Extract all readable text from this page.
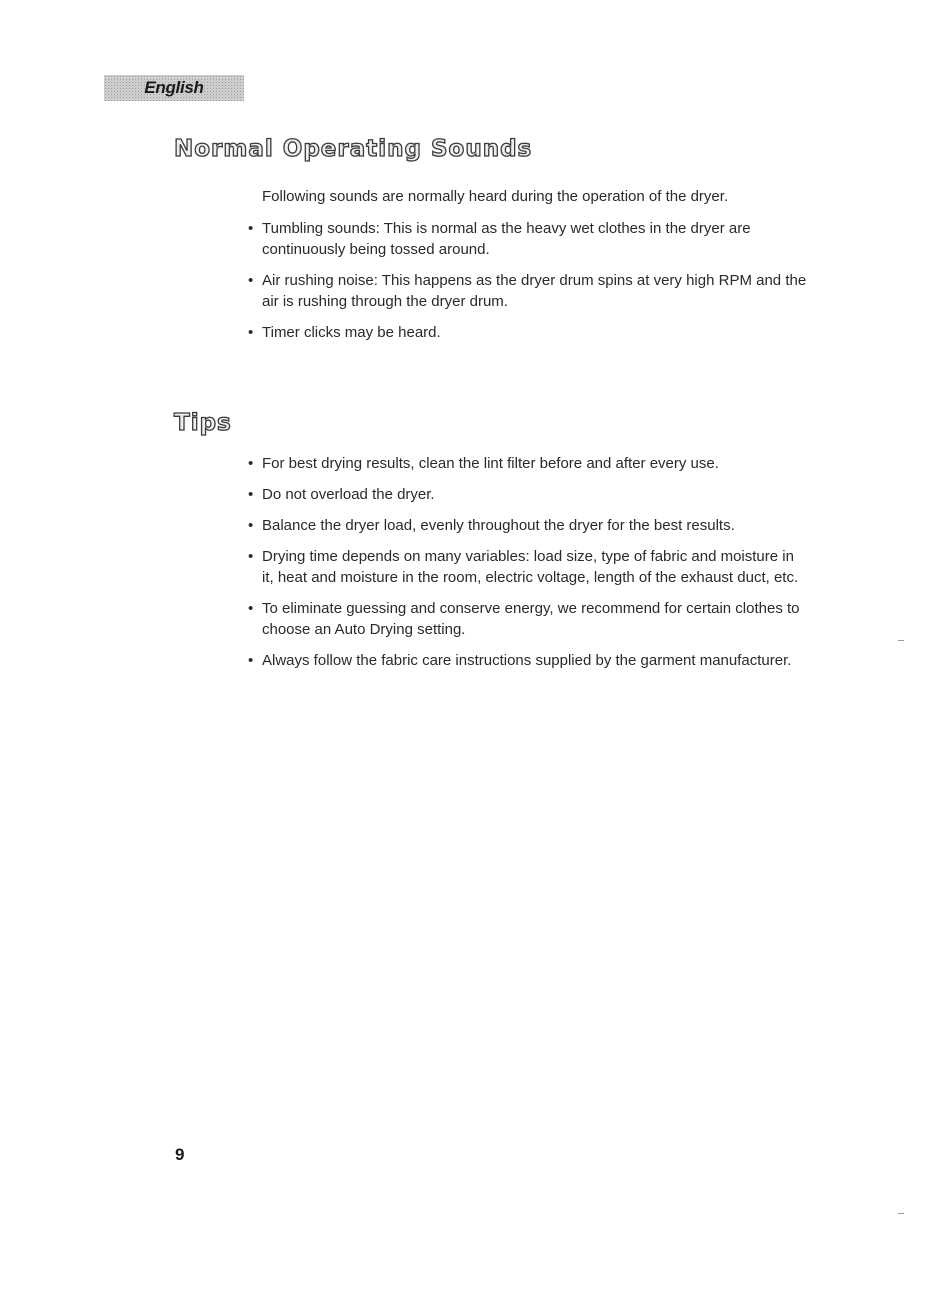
English
Normal Operating Sounds

Following sounds are normally heard during the operation of the dryer.

• Tumbling sounds: This is normal as the heavy wet clothes in the dryer are continuously being tossed around.
• Air rushing noise: This happens as the dryer drum spins at very high RPM and the air is rushing through the dryer drum.
• Timer clicks may be heard.
Tips
• For best drying results, clean the lint filter before and after every use.
• Do not overload the dryer.
• Balance the dryer load, evenly throughout the dryer for the best results.
• Drying time depends on many variables: load size, type of fabric and moisture in it, heat and moisture in the room, electric voltage, length of the exhaust duct, etc.
• To eliminate guessing and conserve energy, we recommend for certain clothes to choose an Auto Drying setting.
• Always follow the fabric care instructions supplied by the garment manufacturer.
9
